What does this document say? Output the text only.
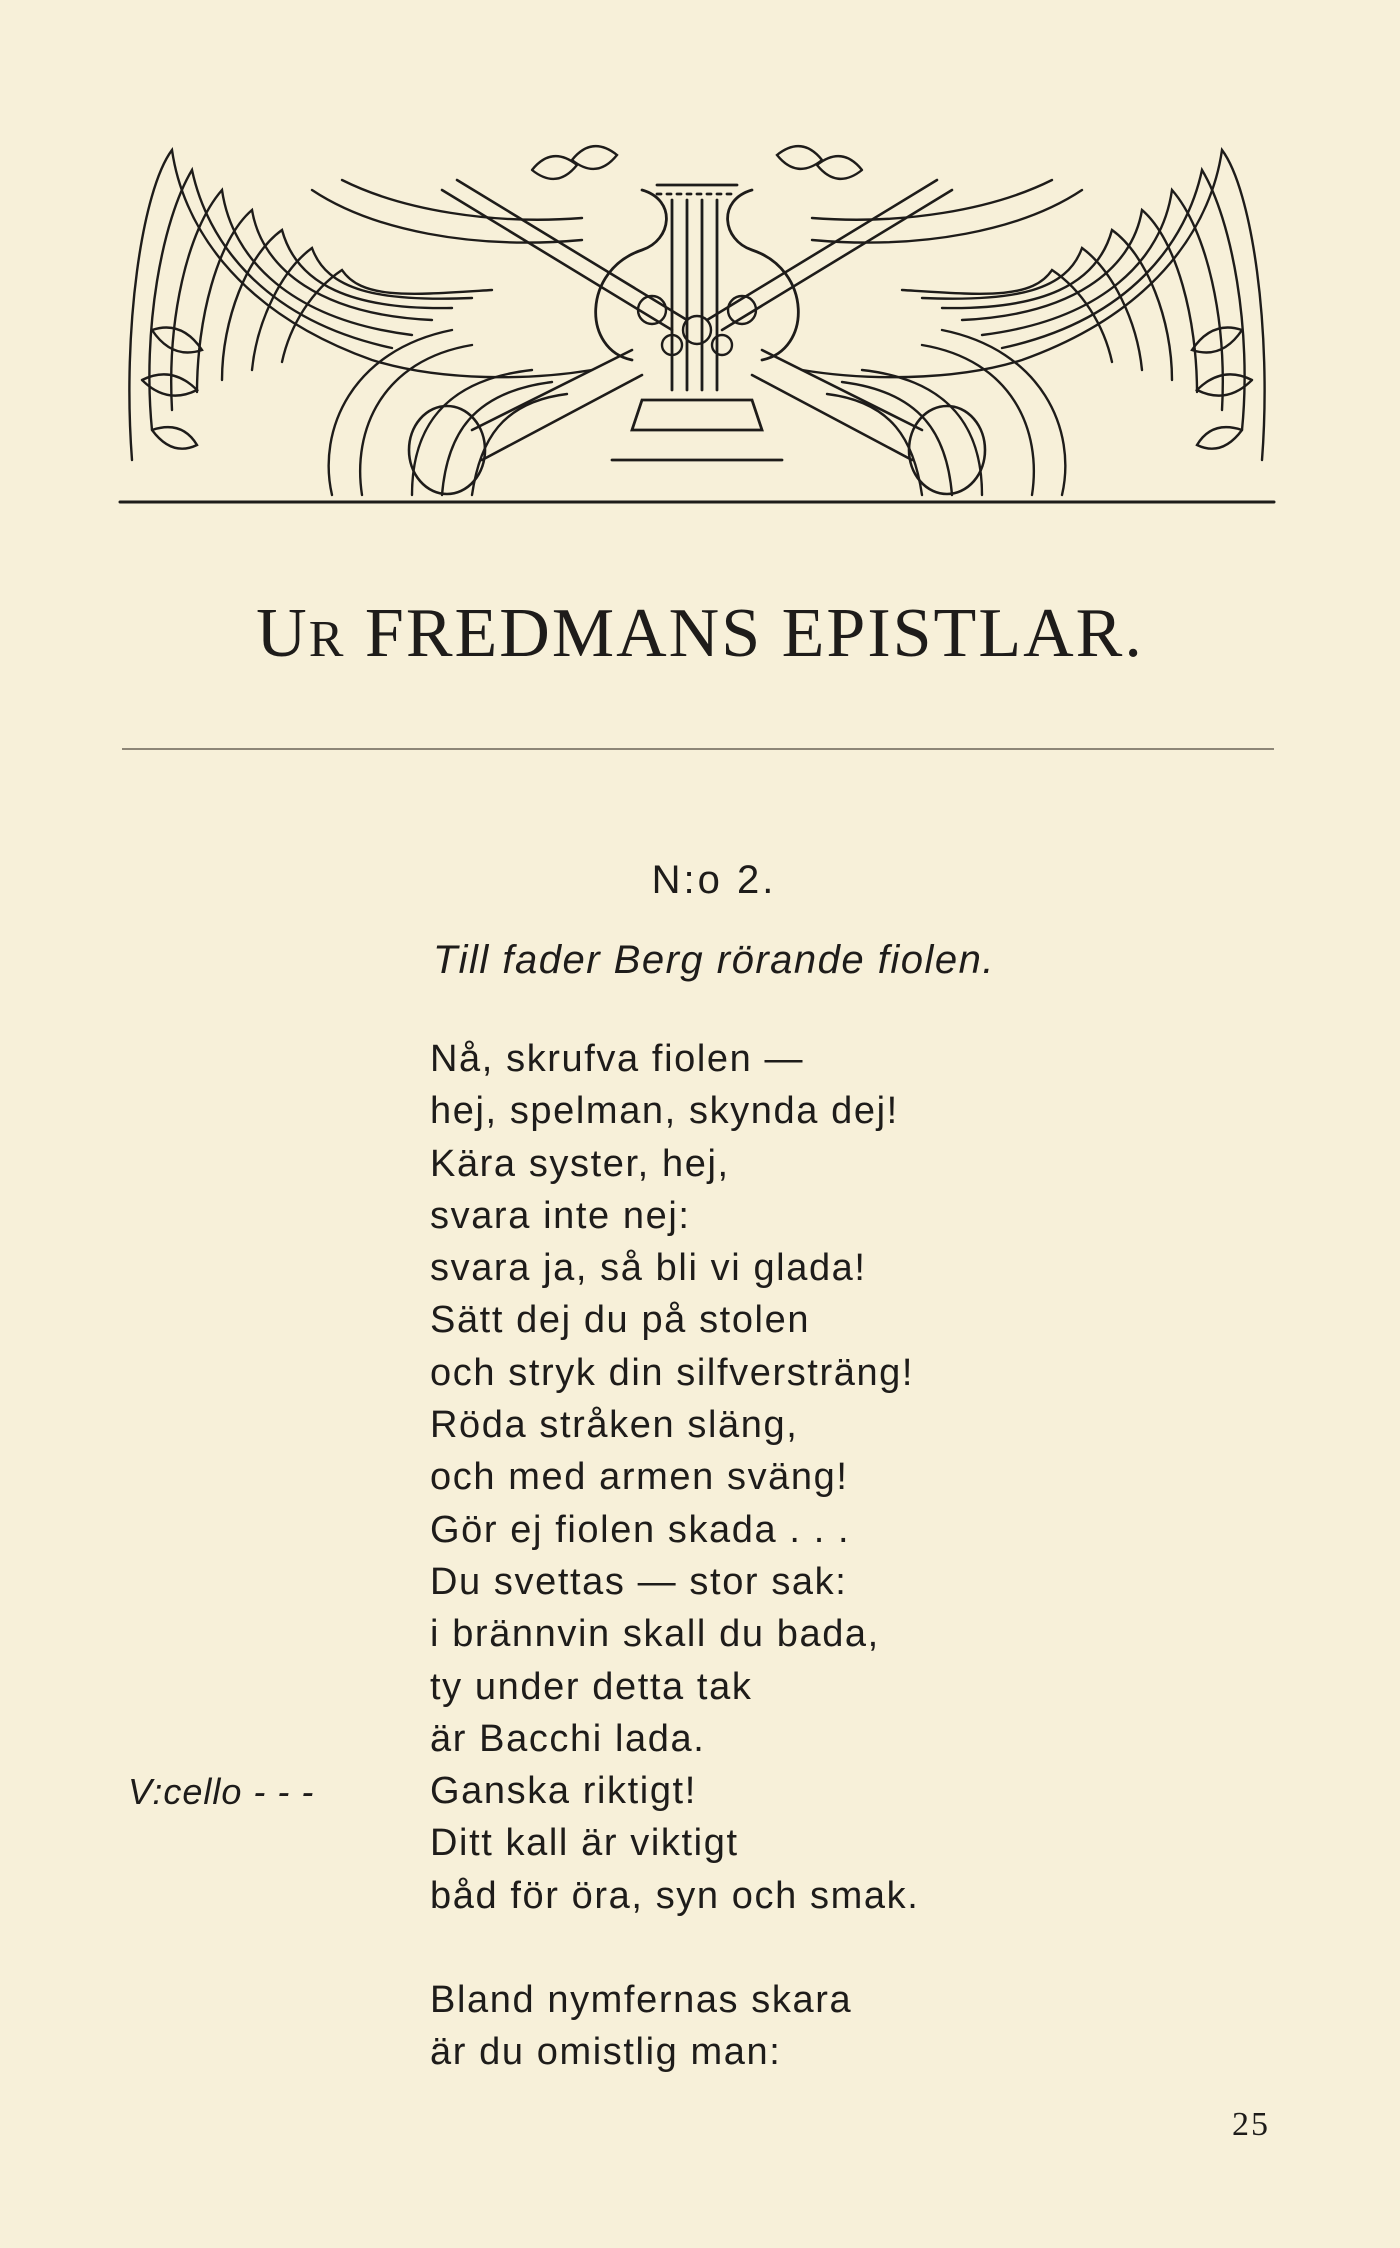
UR FREDMANS EPISTLAR.
N:o 2.
Till fader Berg rörande fiolen.
Nå, skrufva fiolen —
hej, spelman, skynda dej!
Kära syster, hej,
svara inte nej:
svara ja, så bli vi glada!
Sätt dej du på stolen
och stryk din silfversträng!
Röda stråken släng,
och med armen sväng!
Gör ej fiolen skada . . .
Du svettas — stor sak:
i brännvin skall du bada,
ty under detta tak
är Bacchi lada.
Ganska riktigt!
Ditt kall är viktigt
båd för öra, syn och smak.
Bland nymfernas skara
är du omistlig man:
V:cello - - -
25
